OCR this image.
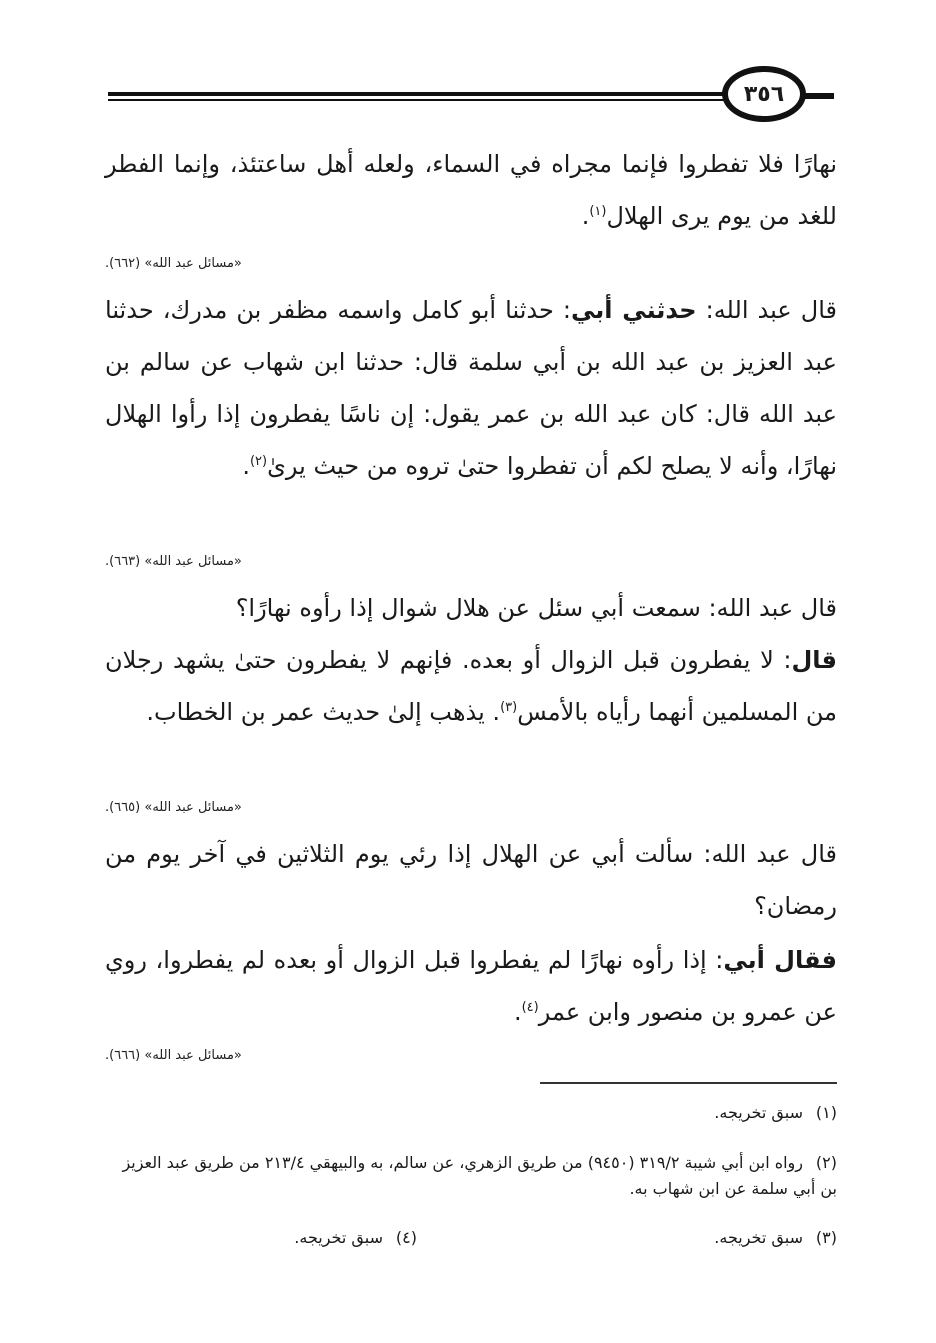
٣٥٦
نهارًا فلا تفطروا فإنما مجراه في السماء، ولعله أهل ساعتئذ، وإنما الفطر للغد من يوم يرى الهلال$^{(١)}$.
«مسائل عبد الله» (٦٦٢).
قال عبد الله: حدثني أبي: حدثنا أبو كامل واسمه مظفر بن مدرك، حدثنا عبد العزيز بن عبد الله بن أبي سلمة قال: حدثنا ابن شهاب عن سالم بن عبد الله قال: كان عبد الله بن عمر يقول: إن ناسًا يفطرون إذا رأوا الهلال نهارًا، وأنه لا يصلح لكم أن تفطروا حتىٰ تروه من حيث يرىٰ$^{(٢)}$.
«مسائل عبد الله» (٦٦٣).
قال عبد الله: سمعت أبي سئل عن هلال شوال إذا رأوه نهارًا؟
قال: لا يفطرون قبل الزوال أو بعده. فإنهم لا يفطرون حتىٰ يشهد رجلان من المسلمين أنهما رأياه بالأمس$^{(٣)}$. يذهب إلىٰ حديث عمر بن الخطاب.
«مسائل عبد الله» (٦٦٥).
قال عبد الله: سألت أبي عن الهلال إذا رئي يوم الثلاثين في آخر يوم من رمضان؟
فقال أبي: إذا رأوه نهارًا لم يفطروا قبل الزوال أو بعده لم يفطروا، روي عن عمرو بن منصور وابن عمر$^{(٤)}$.
«مسائل عبد الله» (٦٦٦).
(١)سبق تخريجه.
(٢)رواه ابن أبي شيبة ٣١٩/٢ (٩٤٥٠) من طريق الزهري، عن سالم، به والبيهقي ٢١٣/٤ من طريق عبد العزيز بن أبي سلمة عن ابن شهاب به.
(٣)سبق تخريجه.
(٤)سبق تخريجه.
